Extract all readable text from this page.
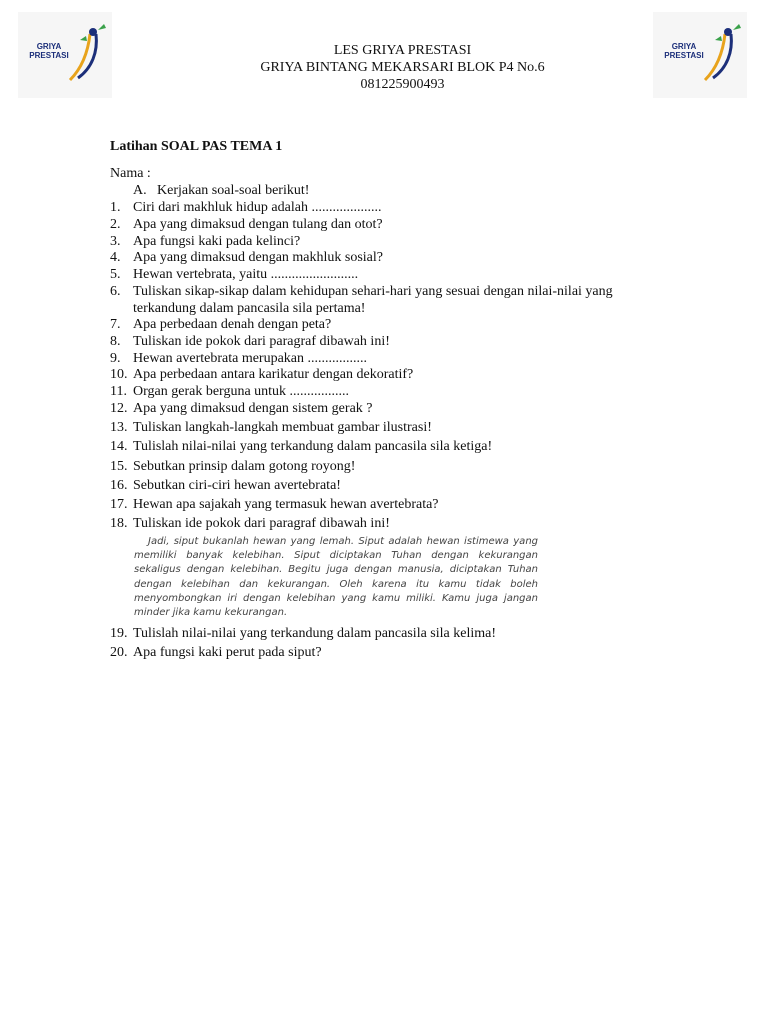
GRIYA
PRESTASI
GRIYA
PRESTASI
LES GRIYA PRESTASI
GRIYA BINTANG MEKARSARI BLOK P4 No.6
081225900493
Latihan SOAL PAS TEMA 1
Nama :
A. Kerjakan soal-soal berikut!
1. Ciri dari makhluk hidup adalah ....................
2. Apa yang dimaksud dengan tulang dan otot?
3. Apa fungsi kaki pada kelinci?
4. Apa yang dimaksud dengan makhluk sosial?
5. Hewan vertebrata, yaitu .........................
6. Tuliskan sikap-sikap dalam kehidupan sehari-hari yang sesuai dengan nilai-nilai yang terkandung dalam pancasila sila pertama!
7. Apa perbedaan denah dengan peta?
8. Tuliskan ide pokok dari paragraf dibawah ini!
9. Hewan avertebrata merupakan .................
10. Apa perbedaan antara karikatur dengan dekoratif?
11. Organ gerak berguna untuk .................
12. Apa yang dimaksud dengan sistem gerak ?
13. Tuliskan langkah-langkah membuat gambar ilustrasi!
14. Tulislah nilai-nilai yang terkandung dalam pancasila sila ketiga!
15. Sebutkan prinsip dalam gotong royong!
16. Sebutkan ciri-ciri hewan avertebrata!
17. Hewan apa sajakah yang termasuk hewan avertebrata?
18. Tuliskan ide pokok dari paragraf dibawah ini!
Jadi, siput bukanlah hewan yang lemah. Siput adalah hewan istimewa yang memiliki banyak kelebihan. Siput diciptakan Tuhan dengan kekurangan sekaligus dengan kelebihan. Begitu juga dengan manusia, diciptakan Tuhan dengan kelebihan dan kekurangan. Oleh karena itu kamu tidak boleh menyombongkan iri dengan kelebihan yang kamu miliki. Kamu juga jangan minder jika kamu kekurangan.
19. Tulislah nilai-nilai yang terkandung dalam pancasila sila kelima!
20. Apa fungsi kaki perut pada siput?
